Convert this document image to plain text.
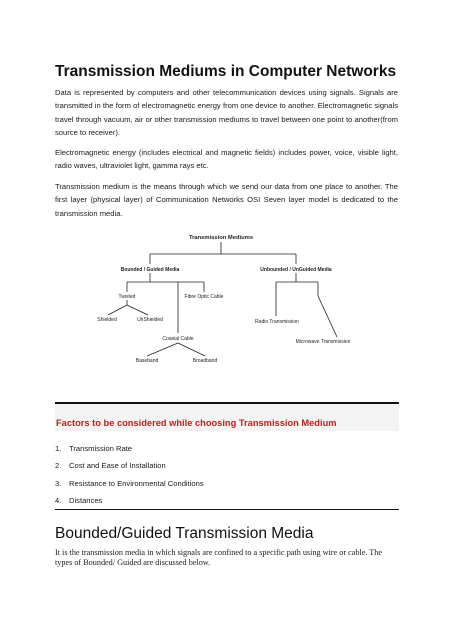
Transmission Mediums in Computer Networks

Data is represented by computers and other telecommunication devices using signals. Signals are transmitted in the form of electromagnetic energy from one device to another. Electromagnetic signals travel through vacuum, air or other transmission mediums to travel between one point to another(from source to receiver).

Electromagnetic energy (includes electrical and magnetic fields) includes power, voice, visible light, radio waves, ultraviolet light, gamma rays etc.

Transmission medium is the means through which we send our data from one place to another. The first layer (physical layer) of Communication Networks OSI Seven layer model is dedicated to the transmission media.

Transmission Mediums
Bounded / Guided Media	Unbounded / UnGuided Media
Twisted	Fibre Optic Cable
Shielded	UnShielded
Coaxial Cable
Baseband	Broadband
Radio Transmission
Microwave Transmission

Factors to be considered while choosing Transmission Medium

1.	Transmission Rate
2.	Cost and Ease of Installation
3.	Resistance to Environmental Conditions
4.	Distances
Bounded/Guided Transmission Media

It is the transmission media in which signals are confined to a specific path using wire or cable. The types of Bounded/ Guided are discussed below.
